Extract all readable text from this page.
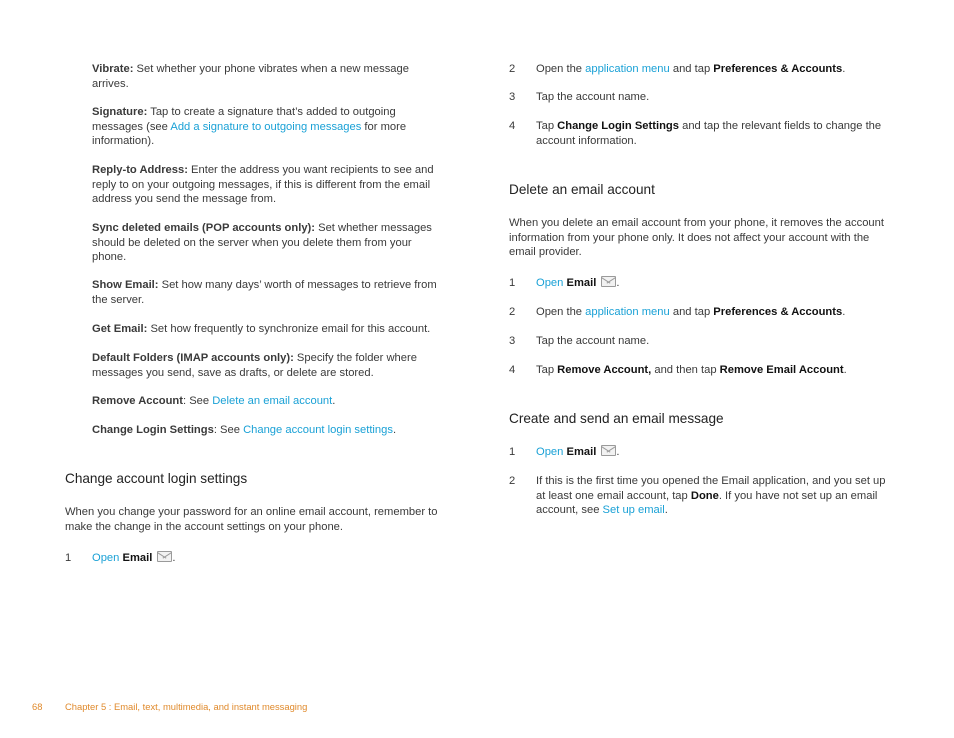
Vibrate: Set whether your phone vibrates when a new message arrives.

Signature: Tap to create a signature that’s added to outgoing messages (see Add a signature to outgoing messages for more information).

Reply-to Address: Enter the address you want recipients to see and reply to on your outgoing messages, if this is different from the email address you send the message from.

Sync deleted emails (POP accounts only): Set whether messages should be deleted on the server when you delete them from your phone.

Show Email: Set how many days’ worth of messages to retrieve from the server.

Get Email: Set how frequently to synchronize email for this account.

Default Folders (IMAP accounts only): Specify the folder where messages you send, save as drafts, or delete are stored.

Remove Account: See Delete an email account.

Change Login Settings: See Change account login settings.

Change account login settings

When you change your password for an online email account, remember to make the change in the account settings on your phone.

1	Open Email .
2	Open the application menu and tap Preferences & Accounts.
3	Tap the account name.
4	Tap Change Login Settings and tap the relevant fields to change the account information.
Delete an email account

When you delete an email account from your phone, it removes the account information from your phone only. It does not affect your account with the email provider.

1	Open Email .
2	Open the application menu and tap Preferences & Accounts.
3	Tap the account name.
4	Tap Remove Account, and then tap Remove Email Account.
Create and send an email message
1	Open Email .
2	If this is the first time you opened the Email application, and you set up at least one email account, tap Done. If you have not set up an email account, see Set up email.
68 Chapter 5 : Email, text, multimedia, and instant messaging
